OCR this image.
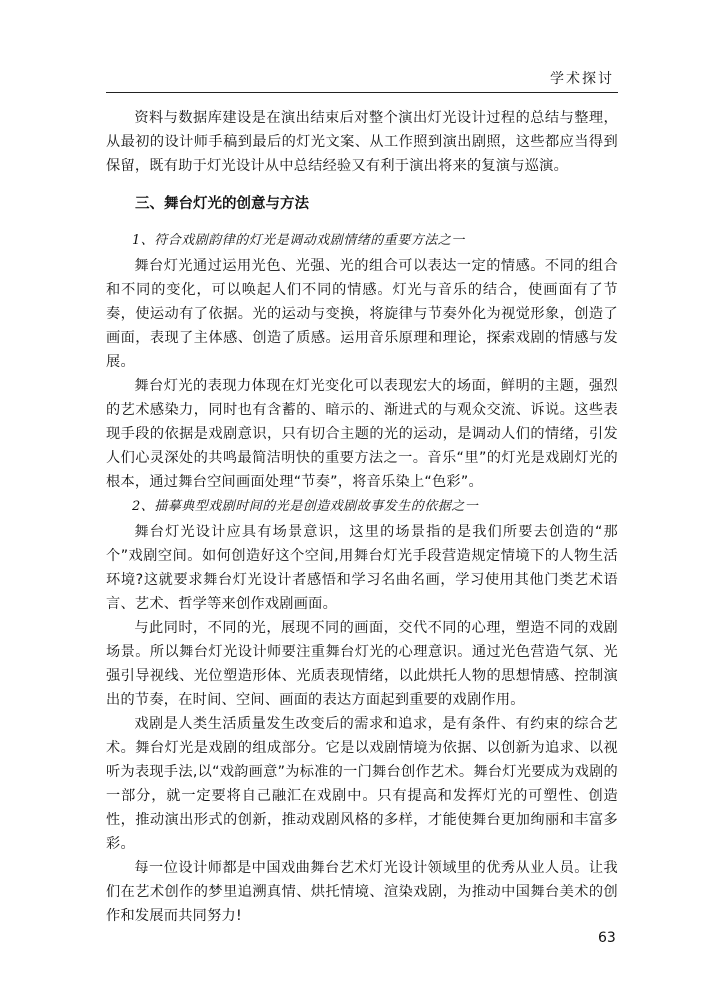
学术探讨

资料与数据库建设是在演出结束后对整个演出灯光设计过程的总结与整理，从最初的设计师手稿到最后的灯光文案、从工作照到演出剧照，这些都应当得到保留，既有助于灯光设计从中总结经验又有利于演出将来的复演与巡演。

三、舞台灯光的创意与方法

1、符合戏剧韵律的灯光是调动戏剧情绪的重要方法之一

舞台灯光通过运用光色、光强、光的组合可以表达一定的情感。不同的组合和不同的变化，可以唤起人们不同的情感。灯光与音乐的结合，使画面有了节奏，使运动有了依据。光的运动与变换，将旋律与节奏外化为视觉形象，创造了画面，表现了主体感、创造了质感。运用音乐原理和理论，探索戏剧的情感与发展。

舞台灯光的表现力体现在灯光变化可以表现宏大的场面，鲜明的主题，强烈的艺术感染力，同时也有含蓄的、暗示的、渐进式的与观众交流、诉说。这些表现手段的依据是戏剧意识，只有切合主题的光的运动，是调动人们的情绪，引发人们心灵深处的共鸣最简洁明快的重要方法之一。音乐“里”的灯光是戏剧灯光的根本，通过舞台空间画面处理“节奏”，将音乐染上“色彩”。

2、描摹典型戏剧时间的光是创造戏剧故事发生的依据之一

舞台灯光设计应具有场景意识，这里的场景指的是我们所要去创造的“那个”戏剧空间。如何创造好这个空间,用舞台灯光手段营造规定情境下的人物生活环境?这就要求舞台灯光设计者感悟和学习名曲名画，学习使用其他门类艺术语言、艺术、哲学等来创作戏剧画面。

与此同时，不同的光，展现不同的画面，交代不同的心理，塑造不同的戏剧场景。所以舞台灯光设计师要注重舞台灯光的心理意识。通过光色营造气氛、光强引导视线、光位塑造形体、光质表现情绪，以此烘托人物的思想情感、控制演出的节奏，在时间、空间、画面的表达方面起到重要的戏剧作用。

戏剧是人类生活质量发生改变后的需求和追求，是有条件、有约束的综合艺术。舞台灯光是戏剧的组成部分。它是以戏剧情境为依据、以创新为追求、以视听为表现手法,以“戏韵画意”为标准的一门舞台创作艺术。舞台灯光要成为戏剧的一部分，就一定要将自己融汇在戏剧中。只有提高和发挥灯光的可塑性、创造性，推动演出形式的创新，推动戏剧风格的多样，才能使舞台更加绚丽和丰富多彩。

每一位设计师都是中国戏曲舞台艺术灯光设计领域里的优秀从业人员。让我们在艺术创作的梦里追溯真情、烘托情境、渲染戏剧，为推动中国舞台美术的创作和发展而共同努力!

63
